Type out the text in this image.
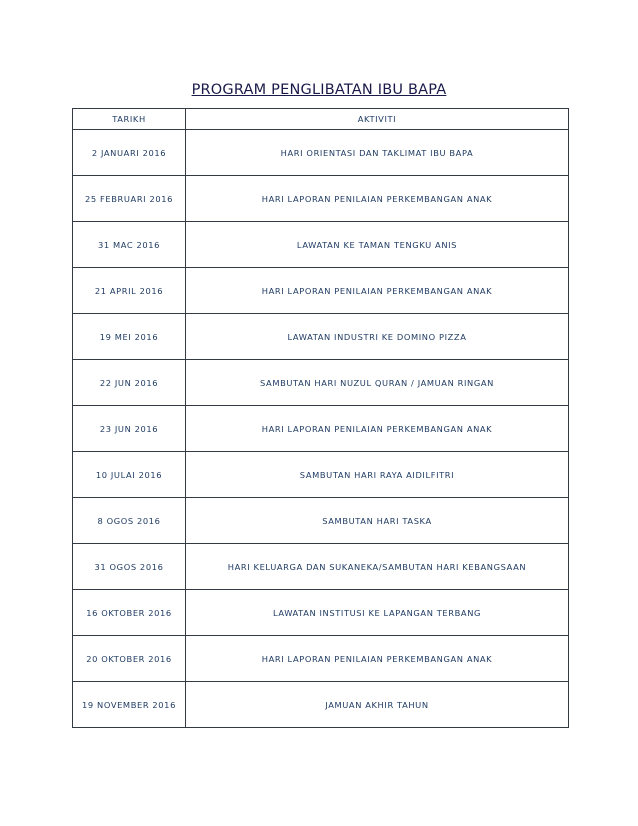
PROGRAM PENGLIBATAN IBU BAPA
TARIKH	AKTIVITI
2 JANUARI 2016	HARI ORIENTASI DAN TAKLIMAT IBU BAPA
25 FEBRUARI 2016	HARI LAPORAN PENILAIAN PERKEMBANGAN ANAK
31 MAC 2016	LAWATAN KE TAMAN TENGKU ANIS
21 APRIL 2016	HARI LAPORAN PENILAIAN PERKEMBANGAN ANAK
19 MEI 2016	LAWATAN INDUSTRI KE DOMINO PIZZA
22 JUN 2016	SAMBUTAN HARI NUZUL QURAN / JAMUAN RINGAN
23 JUN 2016	HARI LAPORAN PENILAIAN PERKEMBANGAN ANAK
10 JULAI 2016	SAMBUTAN HARI RAYA AIDILFITRI
8 OGOS 2016	SAMBUTAN HARI TASKA
31 OGOS 2016	HARI KELUARGA DAN SUKANEKA/SAMBUTAN HARI KEBANGSAAN
16 OKTOBER 2016	LAWATAN INSTITUSI KE LAPANGAN TERBANG
20 OKTOBER 2016	HARI LAPORAN PENILAIAN PERKEMBANGAN ANAK
19 NOVEMBER 2016	JAMUAN AKHIR TAHUN
